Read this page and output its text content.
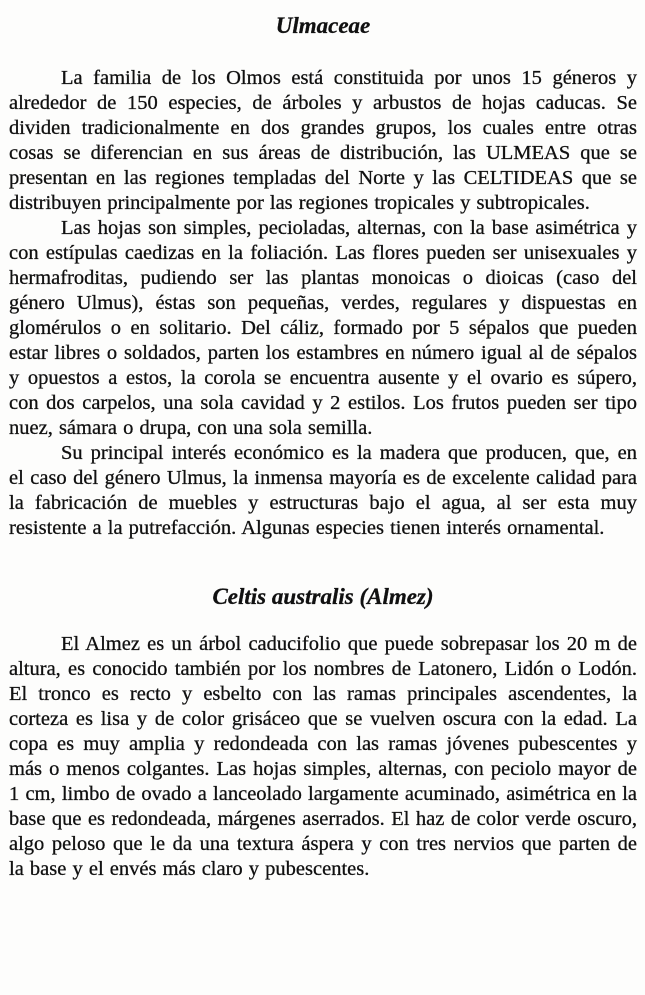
Ulmaceae

La familia de los Olmos está constituida por unos 15 géneros y alrededor de 150 especies, de árboles y arbustos de hojas caducas. Se dividen tradicionalmente en dos grandes grupos, los cuales entre otras cosas se diferencian en sus áreas de distribución, las ULMEAS que se presentan en las regiones templadas del Norte y las CELTIDEAS que se distribuyen principalmente por las regiones tropicales y subtropicales.

Las hojas son simples, pecioladas, alternas, con la base asimétrica y con estípulas caedizas en la foliación. Las flores pueden ser unisexuales y hermafroditas, pudiendo ser las plantas monoicas o dioicas (caso del género Ulmus), éstas son pequeñas, verdes, regulares y dispuestas en glomérulos o en solitario. Del cáliz, formado por 5 sépalos que pueden estar libres o soldados, parten los estambres en número igual al de sépalos y opuestos a estos, la corola se encuentra ausente y el ovario es súpero, con dos carpelos, una sola cavidad y 2 estilos. Los frutos pueden ser tipo nuez, sámara o drupa, con una sola semilla.

Su principal interés económico es la madera que producen, que, en el caso del género Ulmus, la inmensa mayoría es de excelente calidad para la fabricación de muebles y estructuras bajo el agua, al ser esta muy resistente a la putrefacción. Algunas especies tienen interés ornamental.

Celtis australis (Almez)

El Almez es un árbol caducifolio que puede sobrepasar los 20 m de altura, es conocido también por los nombres de Latonero, Lidón o Lodón. El tronco es recto y esbelto con las ramas principales ascendentes, la corteza es lisa y de color grisáceo que se vuelven oscura con la edad. La copa es muy amplia y redondeada con las ramas jóvenes pubescentes y más o menos colgantes. Las hojas simples, alternas, con peciolo mayor de 1 cm, limbo de ovado a lanceolado largamente acuminado, asimétrica en la base que es redondeada, márgenes aserrados. El haz de color verde oscuro, algo peloso que le da una textura áspera y con tres nervios que parten de la base y el envés más claro y pubescentes.
